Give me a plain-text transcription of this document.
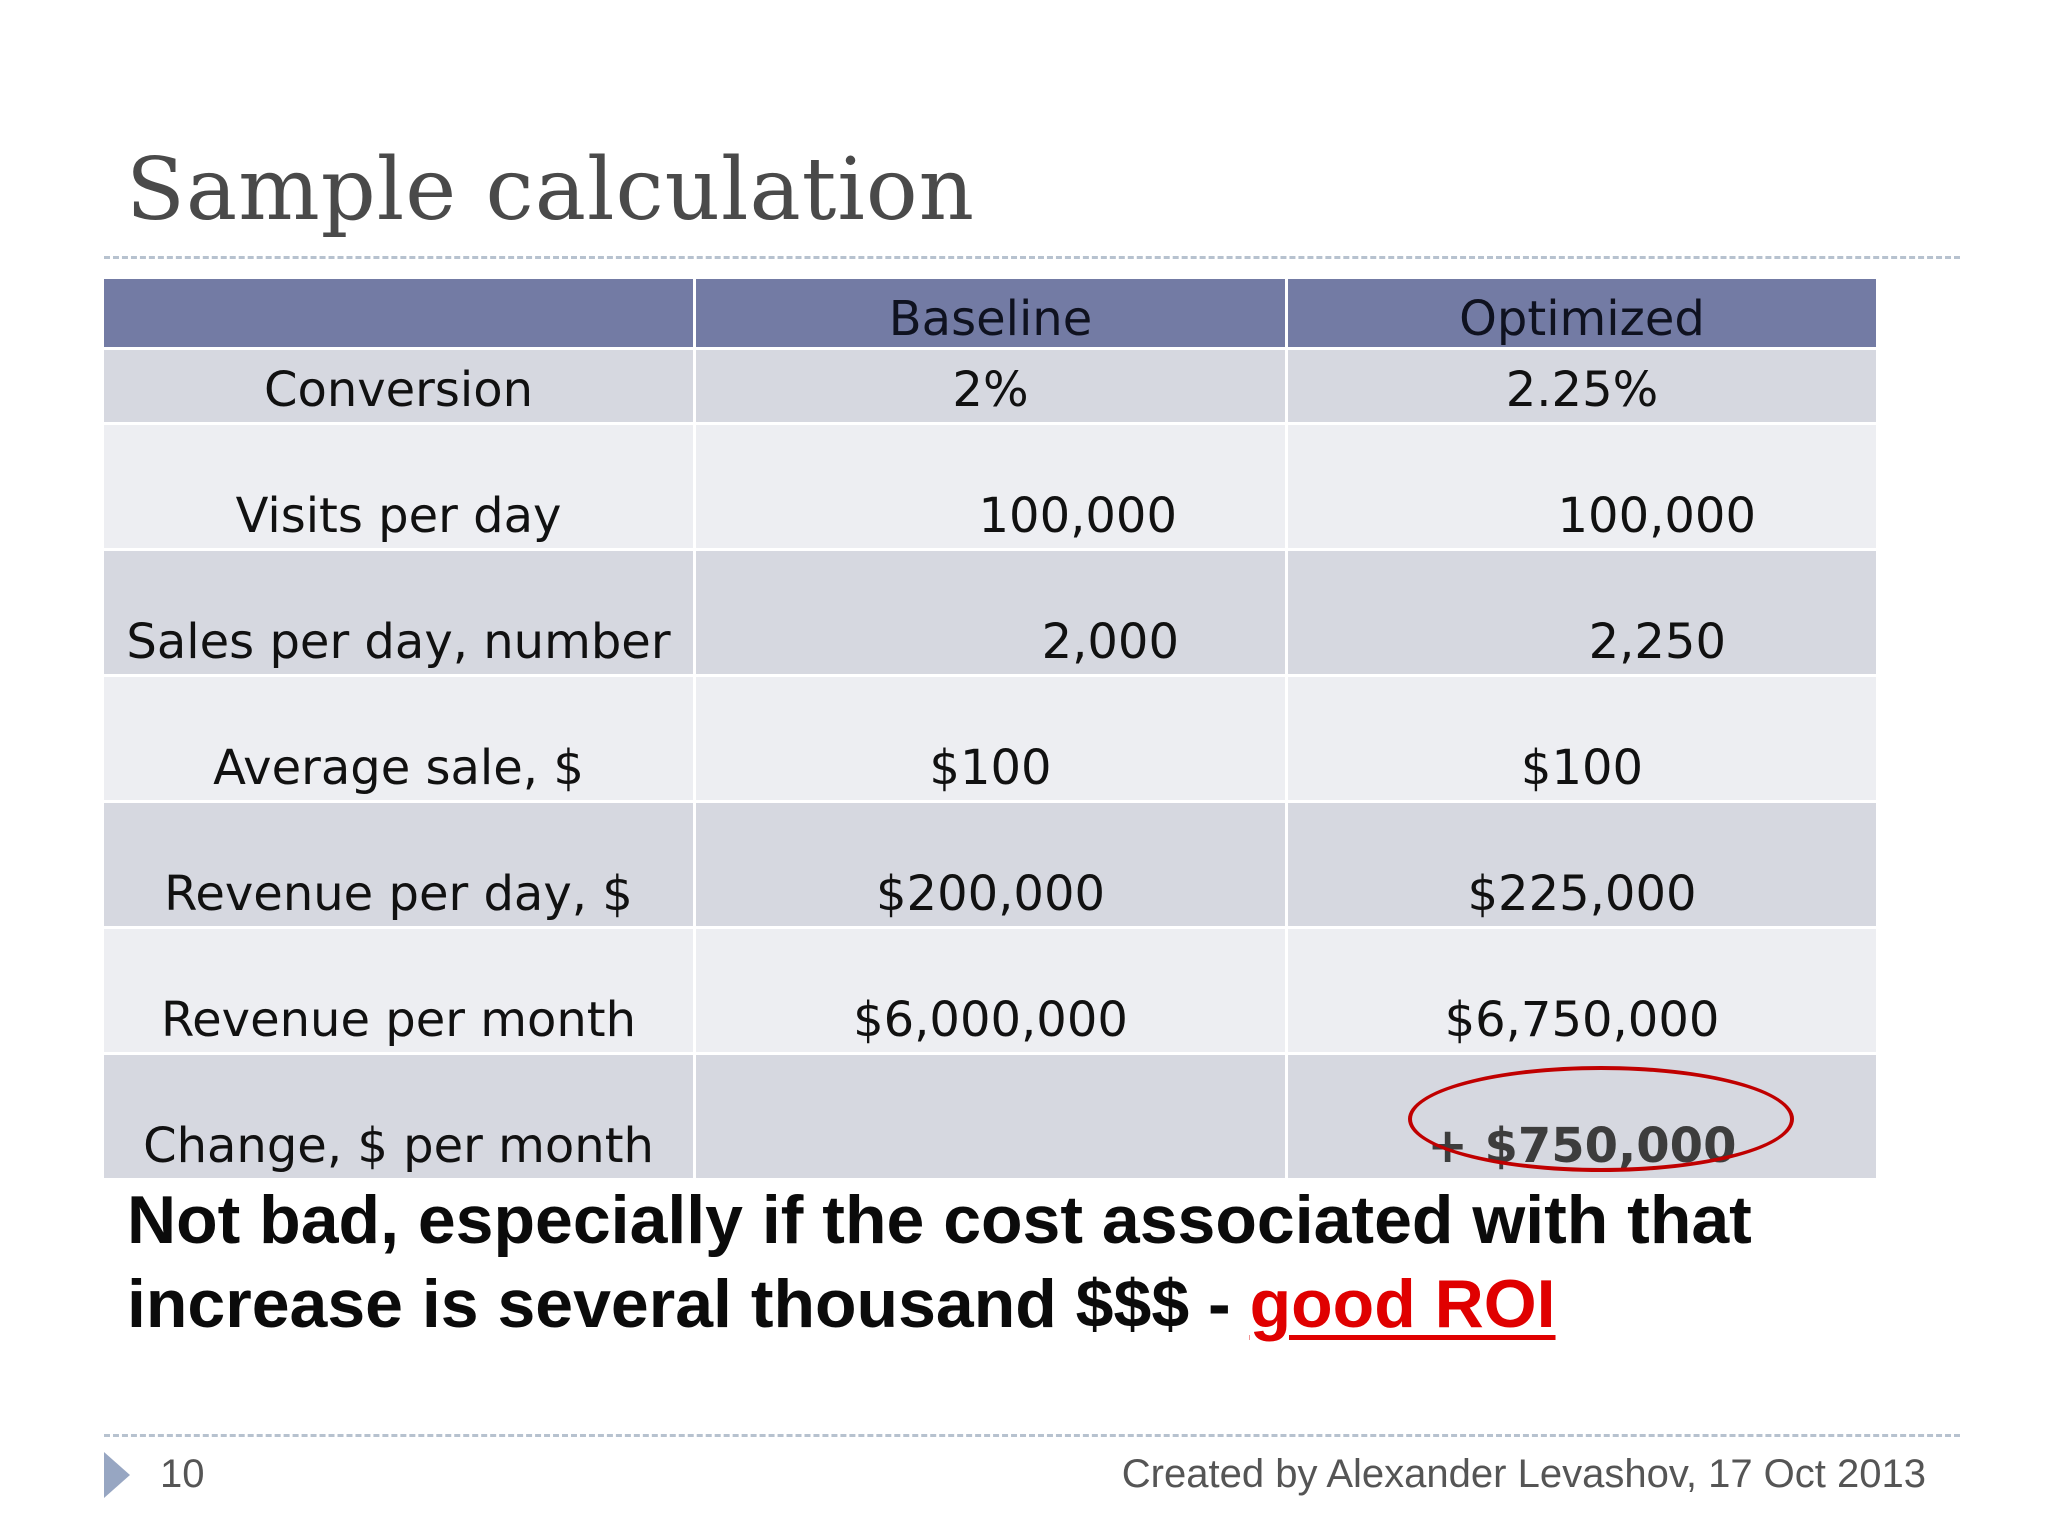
Sample calculation
	Baseline	Optimized
Conversion	2%	2.25%
Visits per day	100,000	100,000
Sales per day, number	2,000	2,250
Average sale, $	$100	$100
Revenue per day, $	$200,000	$225,000
Revenue per month	$6,000,000	$6,750,000
Change, $ per month		+ $750,000
Not bad, especially if the cost associated with that
increase is several thousand $$$ - good ROI
10	Created by Alexander Levashov, 17 Oct 2013
